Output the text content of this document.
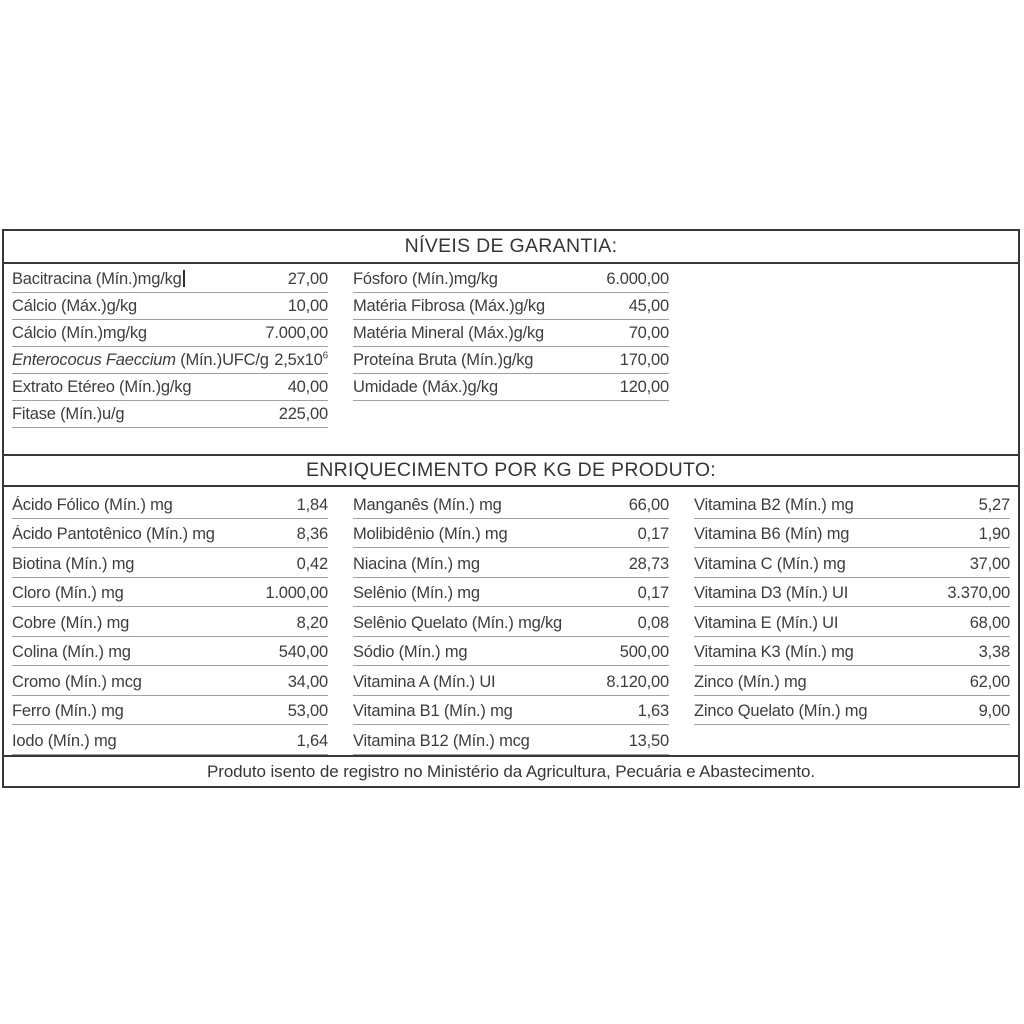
NÍVEIS DE GARANTIA:
Bacitracina (Mín.)mg/kg	27,00
Cálcio (Máx.)g/kg	10,00
Cálcio (Mín.)mg/kg	7.000,00
Enterococus Faeccium (Mín.)UFC/g $2,5x10^6$
Extrato Etéreo (Mín.)g/kg	40,00
Fitase (Mín.)u/g	225,00
Fósforo (Mín.)mg/kg	6.000,00
Matéria Fibrosa (Máx.)g/kg	45,00
Matéria Mineral (Máx.)g/kg	70,00
Proteína Bruta (Mín.)g/kg	170,00
Umidade (Máx.)g/kg	120,00
ENRIQUECIMENTO POR KG DE PRODUTO:
Ácido Fólico (Mín.) mg	1,84
Ácido Pantotênico (Mín.) mg	8,36
Biotina (Mín.) mg	0,42
Cloro (Mín.) mg	1.000,00
Cobre (Mín.) mg	8,20
Colina (Mín.) mg	540,00
Cromo (Mín.) mcg	34,00
Ferro (Mín.) mg	53,00
Iodo (Mín.) mg	1,64
Manganês (Mín.) mg	66,00
Molibidênio (Mín.) mg	0,17
Niacina (Mín.) mg	28,73
Selênio (Mín.) mg	0,17
Selênio Quelato (Mín.) mg/kg	0,08
Sódio (Mín.) mg	500,00
Vitamina A (Mín.) UI	8.120,00
Vitamina B1 (Mín.) mg	1,63
Vitamina B12 (Mín.) mcg	13,50
Vitamina B2 (Mín.) mg	5,27
Vitamina B6 (Mín) mg	1,90
Vitamina C (Mín.) mg	37,00
Vitamina D3 (Mín.) UI	3.370,00
Vitamina E (Mín.) UI	68,00
Vitamina K3 (Mín.) mg	3,38
Zinco (Mín.) mg	62,00
Zinco Quelato (Mín.) mg	9,00
Produto isento de registro no Ministério da Agricultura, Pecuária e Abastecimento.
